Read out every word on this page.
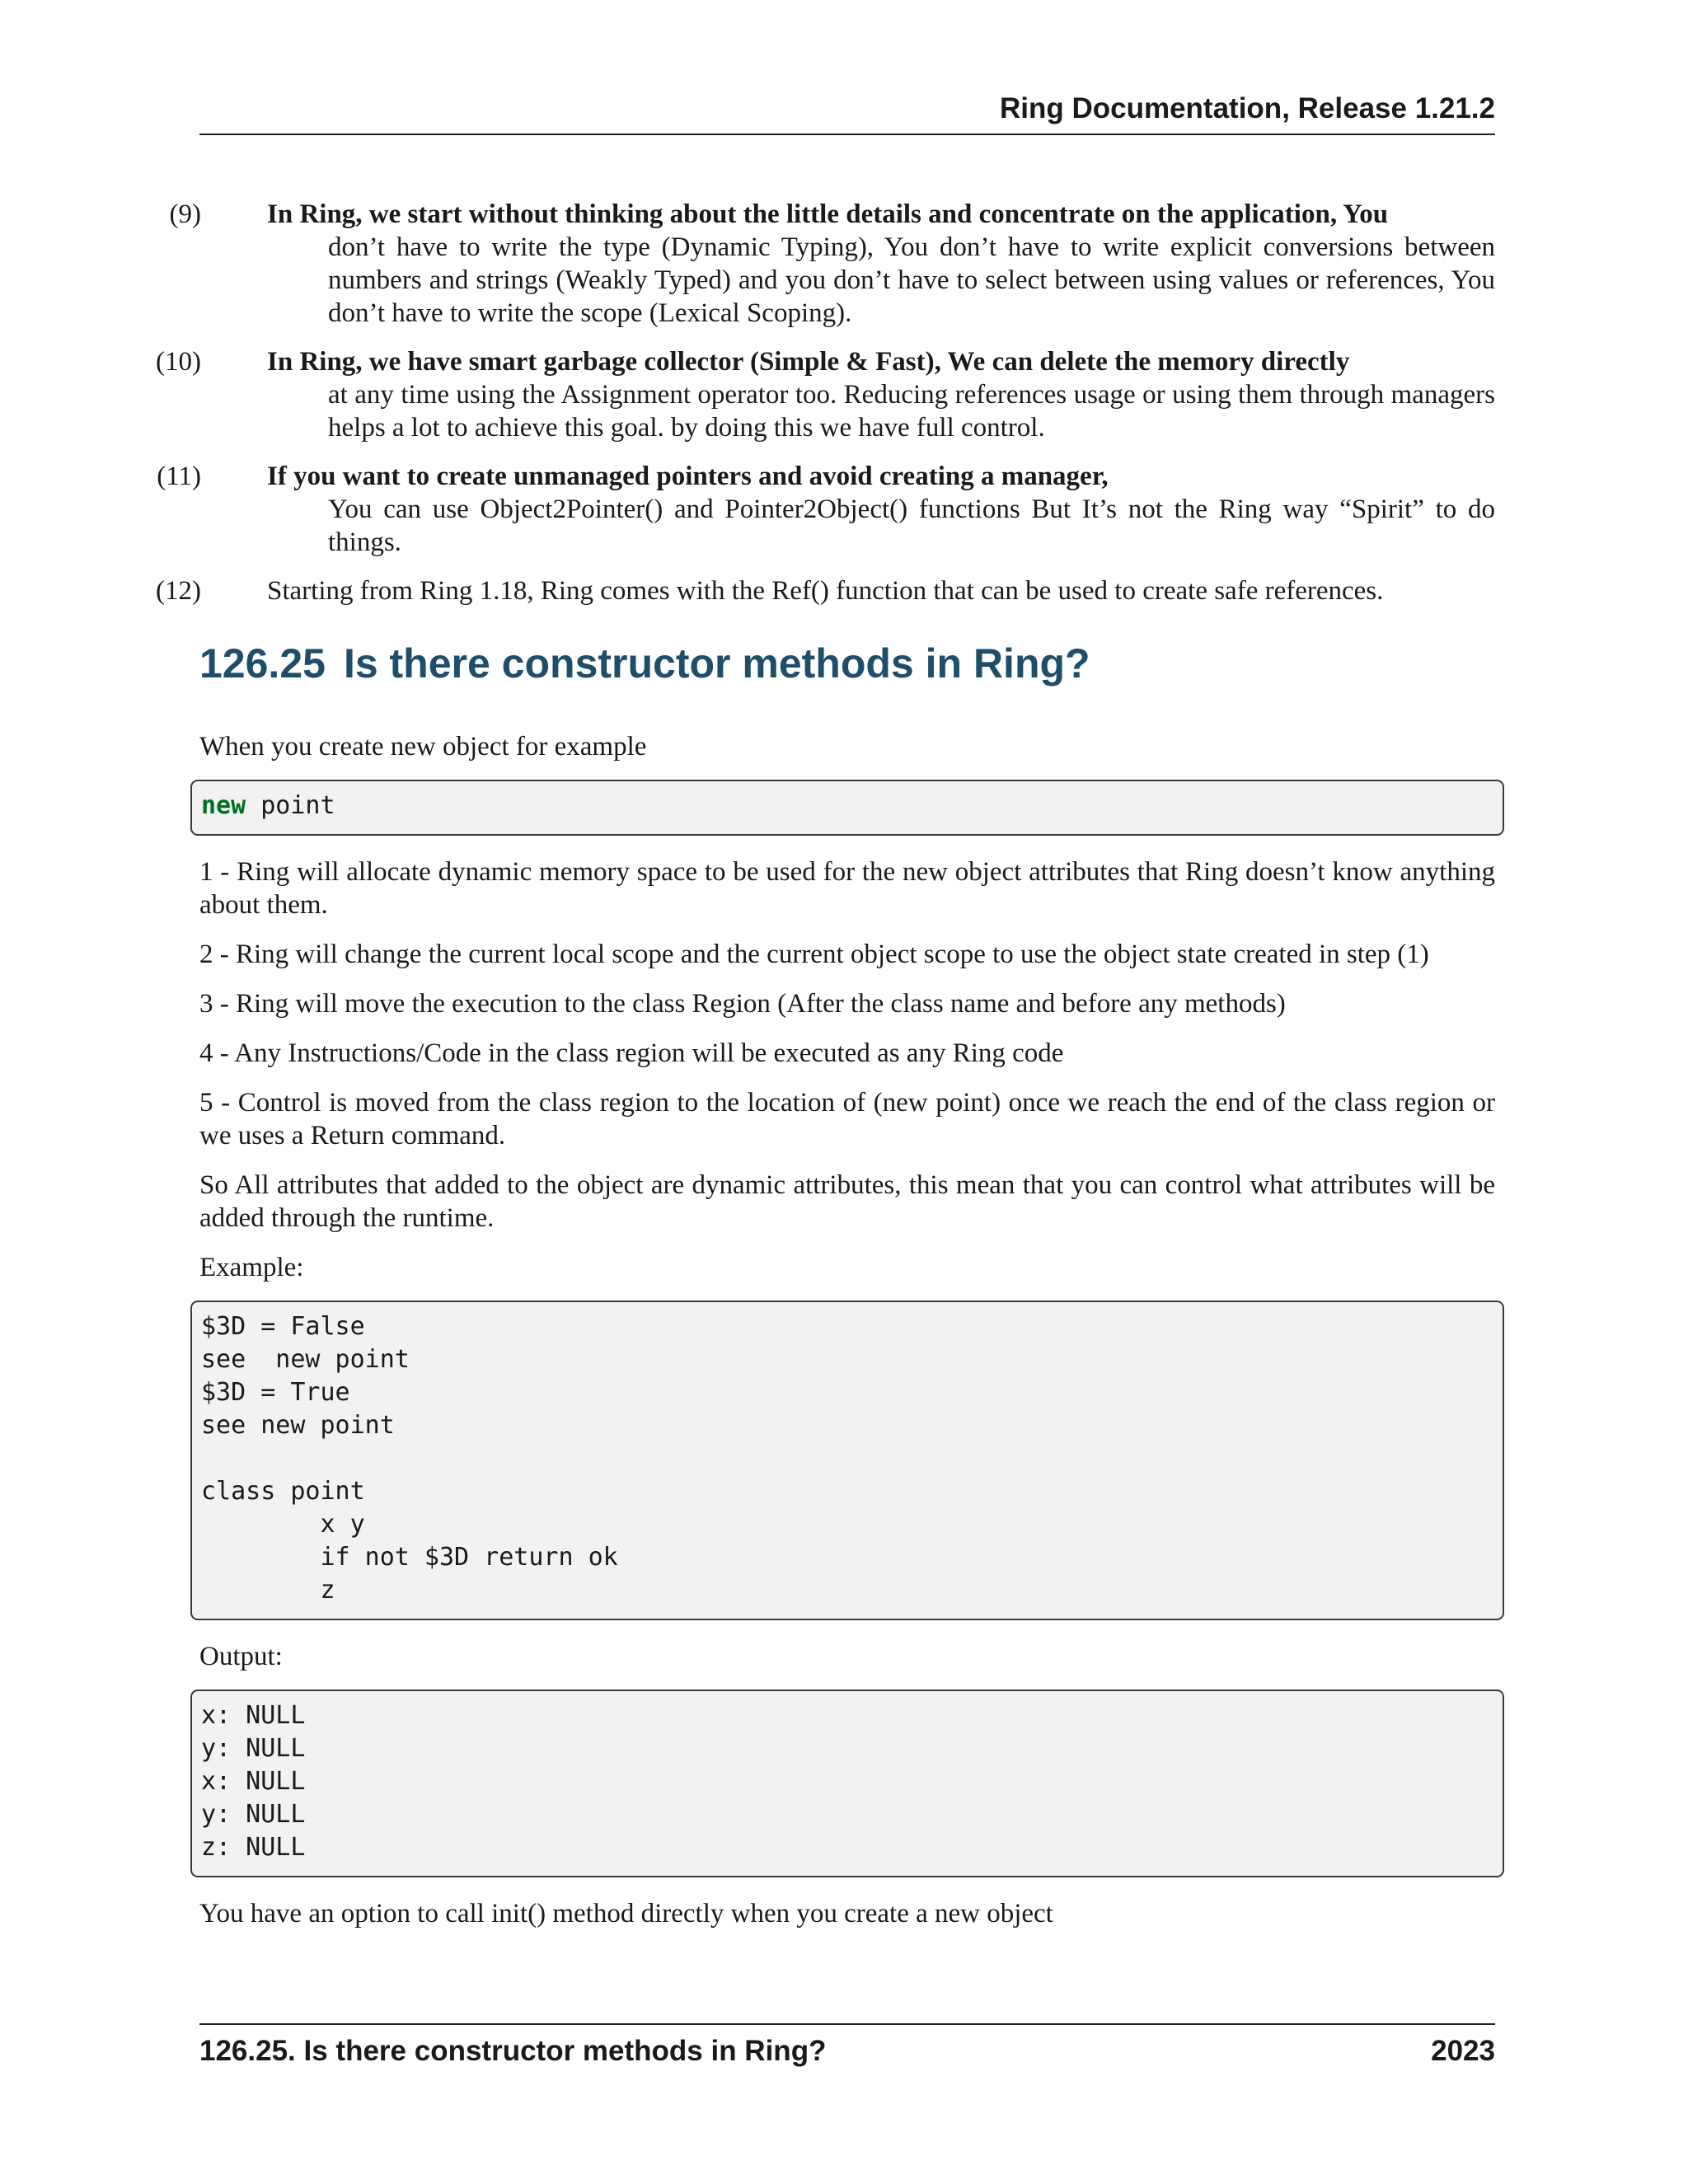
Ring Documentation, Release 1.21.2
(9) In Ring, we start without thinking about the little details and concentrate on the application, You
don’t have to write the type (Dynamic Typing), You don’t have to write explicit conversions between numbers and strings (Weakly Typed) and you don’t have to select between using values or references, You don’t have to write the scope (Lexical Scoping).
(10) In Ring, we have smart garbage collector (Simple & Fast), We can delete the memory directly
at any time using the Assignment operator too. Reducing references usage or using them through managers helps a lot to achieve this goal. by doing this we have full control.
(11) If you want to create unmanaged pointers and avoid creating a manager,
You can use Object2Pointer() and Pointer2Object() functions But It’s not the Ring way “Spirit” to do things.
(12) Starting from Ring 1.18, Ring comes with the Ref() function that can be used to create safe references.
126.25 Is there constructor methods in Ring?

When you create new object for example

new point

1 - Ring will allocate dynamic memory space to be used for the new object attributes that Ring doesn’t know anything about them.

2 - Ring will change the current local scope and the current object scope to use the object state created in step (1)

3 - Ring will move the execution to the class Region (After the class name and before any methods)

4 - Any Instructions/Code in the class region will be executed as any Ring code

5 - Control is moved from the class region to the location of (new point) once we reach the end of the class region or we uses a Return command.

So All attributes that added to the object are dynamic attributes, this mean that you can control what attributes will be added through the runtime.

Example:

$3D = False
see  new point
$3D = True
see new point
class point
x y
if not $3D return ok
z

Output:

x: NULL
y: NULL
x: NULL
y: NULL
z: NULL

You have an option to call init() method directly when you create a new object

126.25. Is there constructor methods in Ring?	2023
